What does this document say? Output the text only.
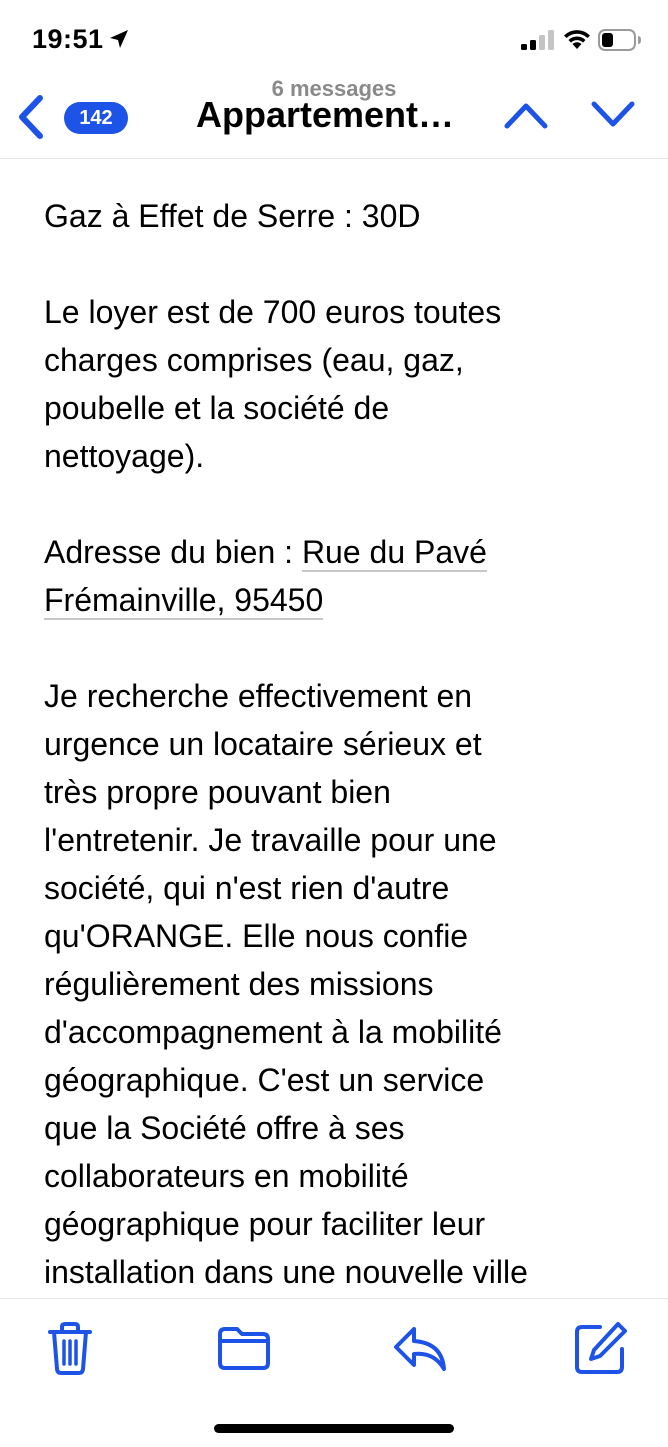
19:51
6 messages
142	Appartement…

Gaz à Effet de Serre : 30D

Le loyer est de 700 euros toutes
charges comprises (eau, gaz,
poubelle et la société de
nettoyage).

Adresse du bien : Rue du Pavé
Frémainville, 95450

Je recherche effectivement en
urgence un locataire sérieux et
très propre pouvant bien
l'entretenir. Je travaille pour une
société, qui n'est rien d'autre
qu'ORANGE. Elle nous confie
régulièrement des missions
d'accompagnement à la mobilité
géographique. C'est un service
que la Société offre à ses
collaborateurs en mobilité
géographique pour faciliter leur
installation dans une nouvelle ville
